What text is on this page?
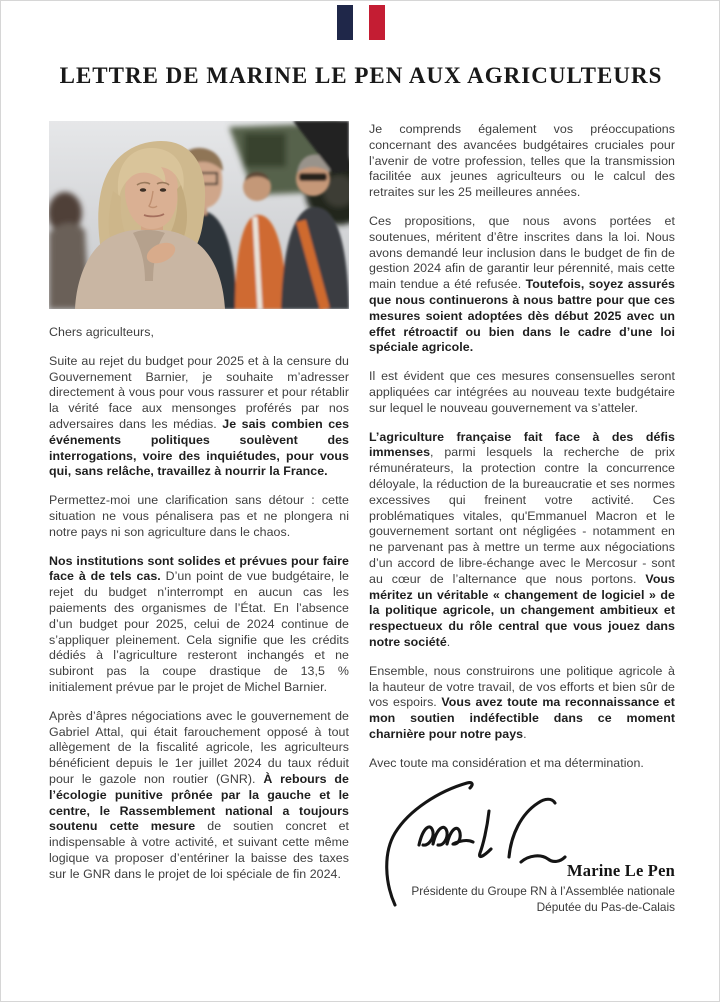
LETTRE DE MARINE LE PEN AUX AGRICULTEURS

Chers agriculteurs,

Suite au rejet du budget pour 2025 et à la censure du Gouvernement Barnier, je souhaite m’adresser directement à vous pour vous rassurer et pour rétablir la vérité face aux mensonges proférés par nos adversaires dans les médias. Je sais combien ces événements politiques soulèvent des interrogations, voire des inquiétudes, pour vous qui, sans relâche, travaillez à nourrir la France.

Permettez-moi une clarification sans détour : cette situation ne vous pénalisera pas et ne plongera ni notre pays ni son agriculture dans le chaos.

Nos institutions sont solides et prévues pour faire face à de tels cas. D’un point de vue budgétaire, le rejet du budget n’interrompt en aucun cas les paiements des organismes de l’État. En l’absence d’un budget pour 2025, celui de 2024 continue de s’appliquer pleinement. Cela signifie que les crédits dédiés à l’agriculture resteront inchangés et ne subiront pas la coupe drastique de 13,5 % initialement prévue par le projet de Michel Barnier.

Après d’âpres négociations avec le gouvernement de Gabriel Attal, qui était farouchement opposé à tout allègement de la fiscalité agricole, les agriculteurs bénéficient depuis le 1er juillet 2024 du taux réduit pour le gazole non routier (GNR). À rebours de l’écologie punitive prônée par la gauche et le centre, le Rassemblement national a toujours soutenu cette mesure de soutien concret et indispensable à votre activité, et suivant cette même logique va proposer d’entériner la baisse des taxes sur le GNR dans le projet de loi spéciale de fin 2024.

Je comprends également vos préoccupations concernant des avancées budgétaires cruciales pour l’avenir de votre profession, telles que la transmission facilitée aux jeunes agriculteurs ou le calcul des retraites sur les 25 meilleures années.

Ces propositions, que nous avons portées et soutenues, méritent d’être inscrites dans la loi. Nous avons demandé leur inclusion dans le budget de fin de gestion 2024 afin de garantir leur pérennité, mais cette main tendue a été refusée. Toutefois, soyez assurés que nous continuerons à nous battre pour que ces mesures soient adoptées dès début 2025 avec un effet rétroactif ou bien dans le cadre d’une loi spéciale agricole.

Il est évident que ces mesures consensuelles seront appliquées car intégrées au nouveau texte budgétaire sur lequel le nouveau gouvernement va s’atteler.

L’agriculture française fait face à des défis immenses, parmi lesquels la recherche de prix rémunérateurs, la protection contre la concurrence déloyale, la réduction de la bureaucratie et ses normes excessives qui freinent votre activité. Ces problématiques vitales, qu'Emmanuel Macron et le gouvernement sortant ont négligées - notamment en ne parvenant pas à mettre un terme aux négociations d’un accord de libre-échange avec le Mercosur - sont au cœur de l’alternance que nous portons. Vous méritez un véritable « changement de logiciel » de la politique agricole, un changement ambitieux et respectueux du rôle central que vous jouez dans notre société.

Ensemble, nous construirons une politique agricole à la hauteur de votre travail, de vos efforts et bien sûr de vos espoirs. Vous avez toute ma reconnaissance et mon soutien indéfectible dans ce moment charnière pour notre pays.

Avec toute ma considération et ma détermination.

Marine Le Pen

Présidente du Groupe RN à l’Assemblée nationale

Députée du Pas-de-Calais
